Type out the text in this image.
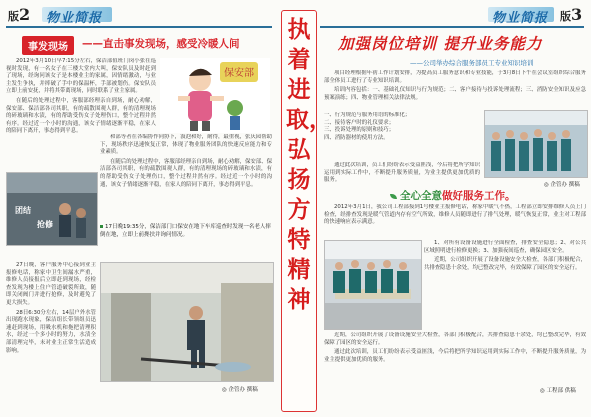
版2 物业简报
事发现场	——直击事发现场，感受冷暖人间

2012年3月10日早7:15分左右，保洁部值班门岗小张在巡视时发现，有一名女子在三楼大堂内大叫，保安队员及时赶到了现场，经询问该女子是本楼业主的家属，因情绪激动，与业主发生争执，并摔破了手中的保温杯，手部被划伤。保安队员立即上前安抚，并将其带离现场，同时联系了业主家属。

在随后的处理过程中，客服部经理亲自到场，耐心劝解，保安部、保洁部各司其职，有的疏散围观人群，有的清理现场的碎玻璃和水渍，有的帮助受伤女子处理伤口，整个过程井然有序。经过近一个小时的沟通，该女子情绪逐渐平稳，在家人的陪同下离开，事态得到平息。

保安部
团结
抢修

和部等者在各编协作同协下，汲泡和好，耐得，最重视，张庆园帮助下，现场秩序迅速恢复正常，体现了物业服务团队的快速反应能力和专业素质。

在随后的处理过程中，客服部经理亲自到场，耐心劝解，保安部、保洁部各司其职，有的疏散围观人群，有的清理现场的碎玻璃和水渍，有的帮助受伤女子处理伤口，整个过程井然有序。经过近一个小时的沟通，该女子情绪逐渐平稳，在家人的陪同下离开，事态得到平息。

17日晚19:35分，保洁部门口保安在地下车库巡查时发现一名老人摔倒在地，立即上前搀扶并询问情况。

27日晚，客户服务中心接到业主报修电话，称家中卫生间漏水严重，维修人员接报后立即赶到现场，经检查发现为楼上住户管道破裂所致，随即关闭阀门并进行抢修，及时避免了更大损失。

28日6:30分左右，14层户外水管出现跑水现象，保洁组长带领组员迅速赶到现场，用吸水机和拖把清理积水，经过一个多小时的努力，水渍全部清理完毕，未对业主正常生活造成影响。

◎ 企管办 撰稿
执着进取，弘扬方特精神
物业简报 版3
加强岗位培训 提升业务能力
——公司举办综合服务部员工专业知识培训

项目经理根据年初工作计划安排，为提高员工服务意识和专业技能，于3月8日下午在会议室组织综合服务部全体员工进行了专业知识培训。

培训内容包括：一、基础礼仪知识与行为规范；二、客户接待与投诉处理流程；三、消防安全知识及应急预案演练；四、物业管理相关法律法规。

一、行为规范与服务用语的标准化；
二、接待客户时的礼仪要求；
三、投诉处理的原则和技巧；
四、消防器材的使用方法。

通过此次培训，员工们纷纷表示受益匪浅，今后将把所学知识运用到实际工作中，不断提升服务质量，为业主提供更加优质的服务。

◎ 企管办 撰稿
全心全意做好服务工作。

2012年3月1日，我公司工程部接到1号楼业主报修电话，称家中暖气不热，工程部立即安排维修人员上门检查，经排查发现是暖气管道内存有空气所致，维修人员随即进行了排气处理，暖气恢复正常，业主对工程部的快速响应表示满意。

1、对所有设备设施进行全面检查，排查安全隐患；2、对公共区域照明进行检修更换；3、加强夜间巡查，确保园区安全。

近期，公司组织开展了设备设施安全大检查，各部门积极配合，共排查隐患十余处，均已整改完毕，有效保障了园区的安全运行。

近期，公司组织开展了设备设施安全大检查，各部门积极配合，共排查隐患十余处，均已整改完毕，有效保障了园区的安全运行。

通过此次培训，员工们纷纷表示受益匪浅，今后将把所学知识运用到实际工作中，不断提升服务质量，为业主提供更加优质的服务。

◎ 工程部 供稿
